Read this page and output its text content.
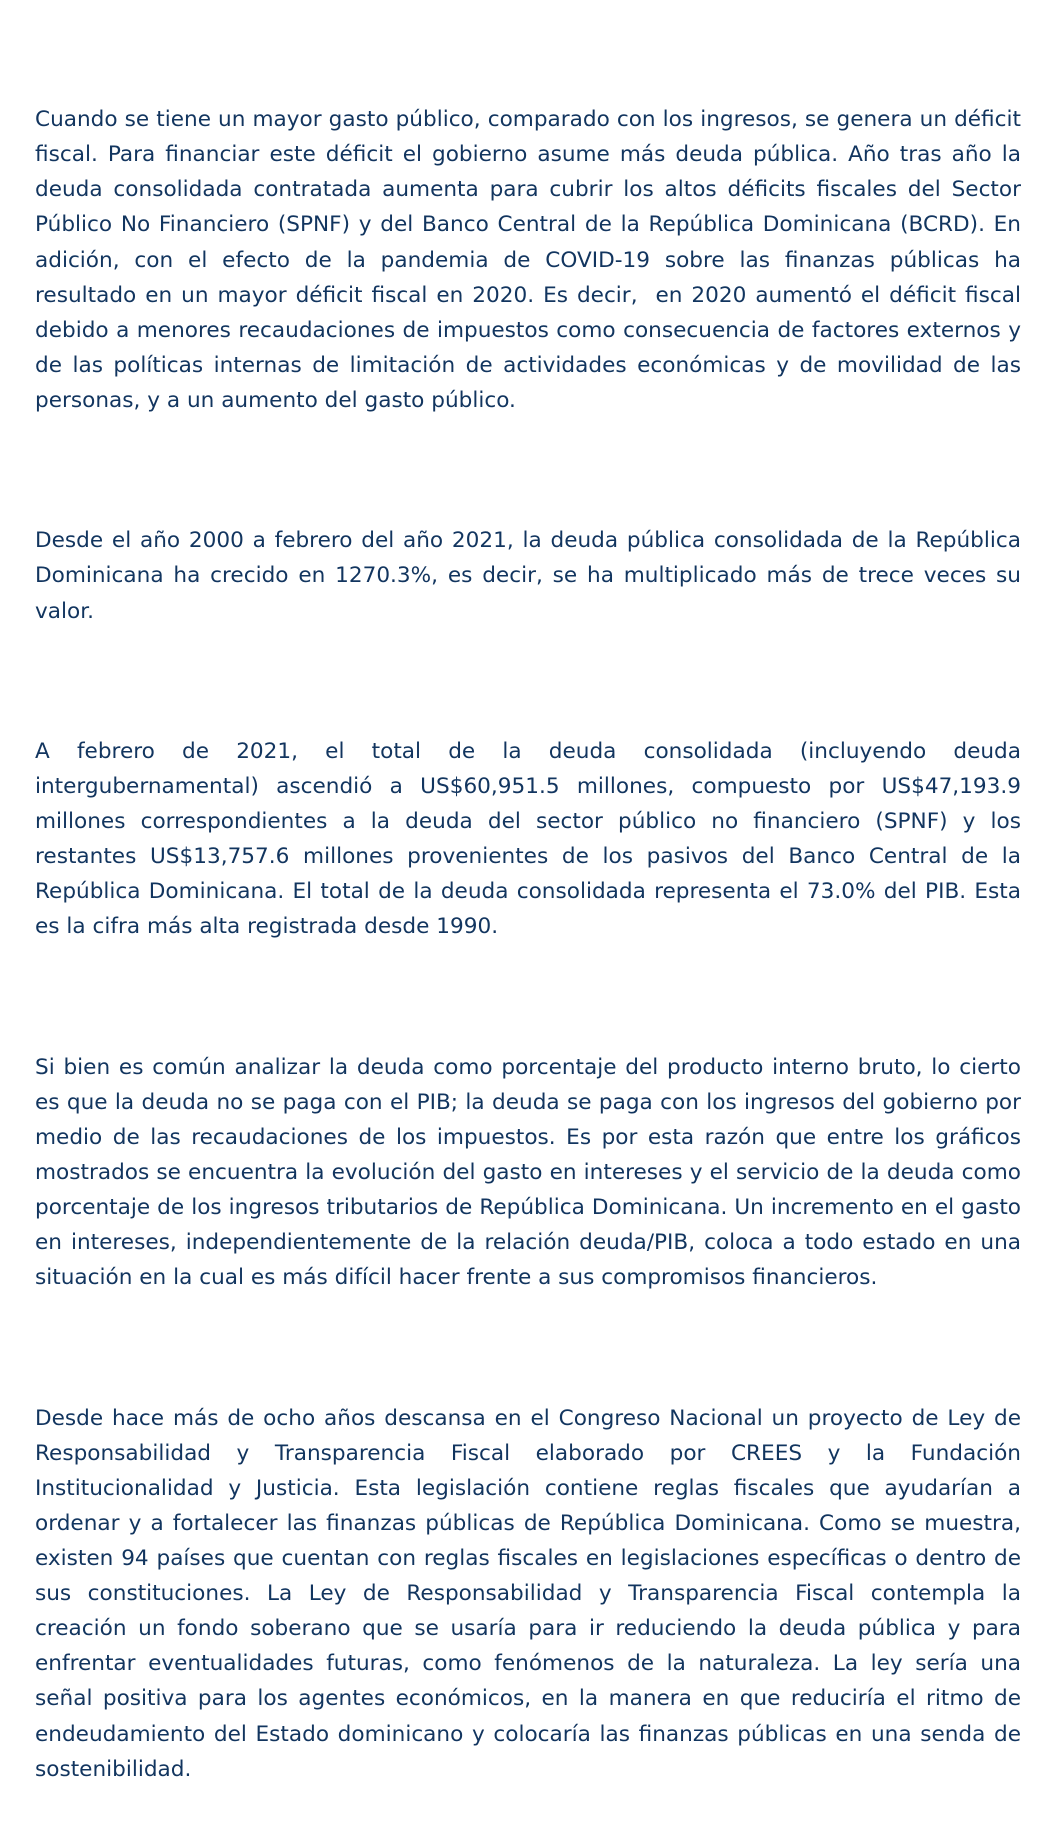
Cuando se tiene un mayor gasto público, comparado con los ingresos, se genera un déficit fiscal. Para financiar este déficit el gobierno asume más deuda pública. Año tras año la deuda consolidada contratada aumenta para cubrir los altos déficits fiscales del Sector Público No Financiero (SPNF) y del Banco Central de la República Dominicana (BCRD). En adición, con el efecto de la pandemia de COVID-19 sobre las finanzas públicas ha resultado en un mayor déficit fiscal en 2020. Es decir,  en 2020 aumentó el déficit fiscal debido a menores recaudaciones de impuestos como consecuencia de factores externos y de las políticas internas de limitación de actividades económicas y de movilidad de las personas, y a un aumento del gasto público.

Desde el año 2000 a febrero del año 2021, la deuda pública consolidada de la República Dominicana ha crecido en 1270.3%, es decir, se ha multiplicado más de trece veces su valor.

A febrero de 2021, el total de la deuda consolidada (incluyendo deuda intergubernamental) ascendió a US$60,951.5 millones, compuesto por US$47,193.9 millones correspondientes a la deuda del sector público no financiero (SPNF) y los restantes US$13,757.6 millones provenientes de los pasivos del Banco Central de la República Dominicana. El total de la deuda consolidada representa el 73.0% del PIB. Esta es la cifra más alta registrada desde 1990.

Si bien es común analizar la deuda como porcentaje del producto interno bruto, lo cierto es que la deuda no se paga con el PIB; la deuda se paga con los ingresos del gobierno por medio de las recaudaciones de los impuestos. Es por esta razón que entre los gráficos mostrados se encuentra la evolución del gasto en intereses y el servicio de la deuda como porcentaje de los ingresos tributarios de República Dominicana. Un incremento en el gasto en intereses, independientemente de la relación deuda/PIB, coloca a todo estado en una situación en la cual es más difícil hacer frente a sus compromisos financieros.

Desde hace más de ocho años descansa en el Congreso Nacional un proyecto de Ley de Responsabilidad y Transparencia Fiscal elaborado por CREES y la Fundación Institucionalidad y Justicia. Esta legislación contiene reglas fiscales que ayudarían a ordenar y a fortalecer las finanzas públicas de República Dominicana. Como se muestra, existen 94 países que cuentan con reglas fiscales en legislaciones específicas o dentro de sus constituciones. La Ley de Responsabilidad y Transparencia Fiscal contempla la creación un fondo soberano que se usaría para ir reduciendo la deuda pública y para enfrentar eventualidades futuras, como fenómenos de la naturaleza. La ley sería una señal positiva para los agentes económicos, en la manera en que reduciría el ritmo de endeudamiento del Estado dominicano y colocaría las finanzas públicas en una senda de sostenibilidad.
